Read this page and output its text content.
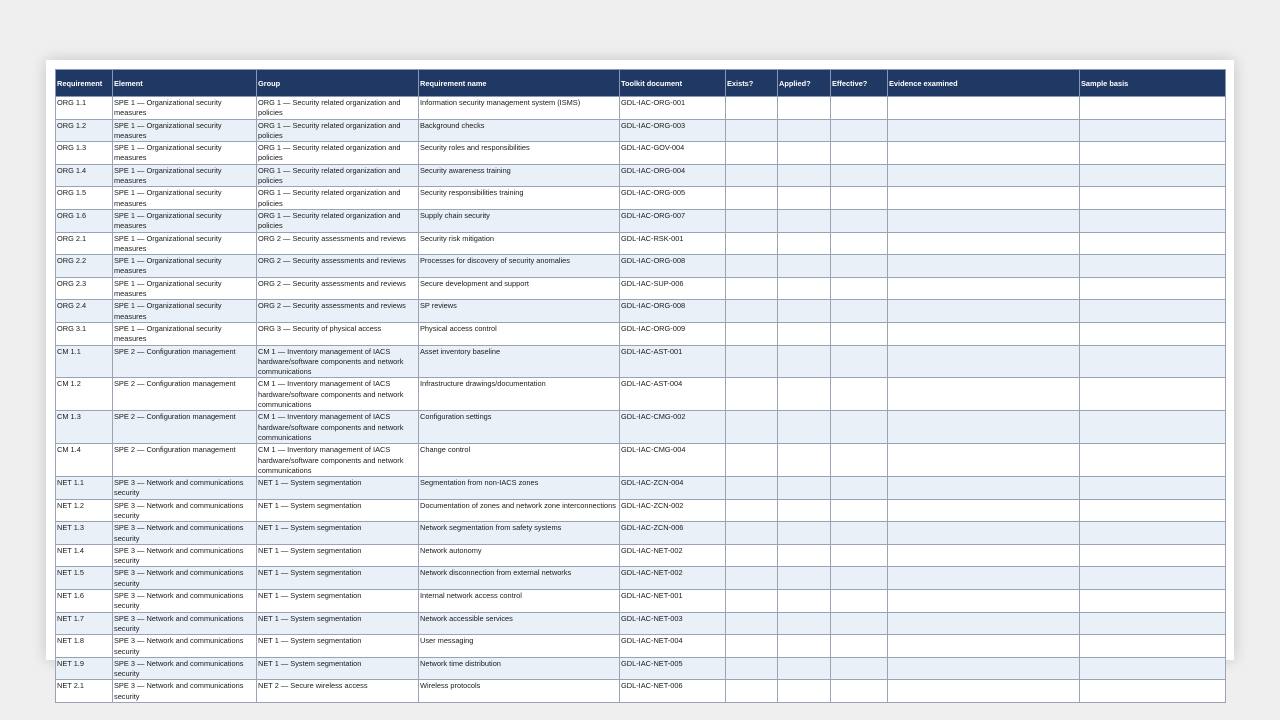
Requirement	Element	Group	Requirement name	Toolkit document	Exists?	Applied?	Effective?	Evidence examined	Sample basis
ORG 1.1	SPE 1 — Organizational security measures	ORG 1 — Security related organization and policies	Information security management system (ISMS)	GDL-IAC-ORG-001					
ORG 1.2	SPE 1 — Organizational security measures	ORG 1 — Security related organization and policies	Background checks	GDL-IAC-ORG-003					
ORG 1.3	SPE 1 — Organizational security measures	ORG 1 — Security related organization and policies	Security roles and responsibilities	GDL-IAC-GOV-004					
ORG 1.4	SPE 1 — Organizational security measures	ORG 1 — Security related organization and policies	Security awareness training	GDL-IAC-ORG-004					
ORG 1.5	SPE 1 — Organizational security measures	ORG 1 — Security related organization and policies	Security responsibilities training	GDL-IAC-ORG-005					
ORG 1.6	SPE 1 — Organizational security measures	ORG 1 — Security related organization and policies	Supply chain security	GDL-IAC-ORG-007					
ORG 2.1	SPE 1 — Organizational security measures	ORG 2 — Security assessments and reviews	Security risk mitigation	GDL-IAC-RSK-001					
ORG 2.2	SPE 1 — Organizational security measures	ORG 2 — Security assessments and reviews	Processes for discovery of security anomalies	GDL-IAC-ORG-008					
ORG 2.3	SPE 1 — Organizational security measures	ORG 2 — Security assessments and reviews	Secure development and support	GDL-IAC-SUP-006					
ORG 2.4	SPE 1 — Organizational security measures	ORG 2 — Security assessments and reviews	SP reviews	GDL-IAC-ORG-008					
ORG 3.1	SPE 1 — Organizational security measures	ORG 3 — Security of physical access	Physical access control	GDL-IAC-ORG-009					
CM 1.1	SPE 2 — Configuration management	CM 1 — Inventory management of IACS hardware/software components and network communications	Asset inventory baseline	GDL-IAC-AST-001					
CM 1.2	SPE 2 — Configuration management	CM 1 — Inventory management of IACS hardware/software components and network communications	Infrastructure drawings/documentation	GDL-IAC-AST-004					
CM 1.3	SPE 2 — Configuration management	CM 1 — Inventory management of IACS hardware/software components and network communications	Configuration settings	GDL-IAC-CMG-002					
CM 1.4	SPE 2 — Configuration management	CM 1 — Inventory management of IACS hardware/software components and network communications	Change control	GDL-IAC-CMG-004					
NET 1.1	SPE 3 — Network and communications security	NET 1 — System segmentation	Segmentation from non-IACS zones	GDL-IAC-ZCN-004					
NET 1.2	SPE 3 — Network and communications security	NET 1 — System segmentation	Documentation of zones and network zone interconnections	GDL-IAC-ZCN-002					
NET 1.3	SPE 3 — Network and communications security	NET 1 — System segmentation	Network segmentation from safety systems	GDL-IAC-ZCN-006					
NET 1.4	SPE 3 — Network and communications security	NET 1 — System segmentation	Network autonomy	GDL-IAC-NET-002					
NET 1.5	SPE 3 — Network and communications security	NET 1 — System segmentation	Network disconnection from external networks	GDL-IAC-NET-002					
NET 1.6	SPE 3 — Network and communications security	NET 1 — System segmentation	Internal network access control	GDL-IAC-NET-001					
NET 1.7	SPE 3 — Network and communications security	NET 1 — System segmentation	Network accessible services	GDL-IAC-NET-003					
NET 1.8	SPE 3 — Network and communications security	NET 1 — System segmentation	User messaging	GDL-IAC-NET-004					
NET 1.9	SPE 3 — Network and communications security	NET 1 — System segmentation	Network time distribution	GDL-IAC-NET-005					
NET 2.1	SPE 3 — Network and communications security	NET 2 — Secure wireless access	Wireless protocols	GDL-IAC-NET-006					
